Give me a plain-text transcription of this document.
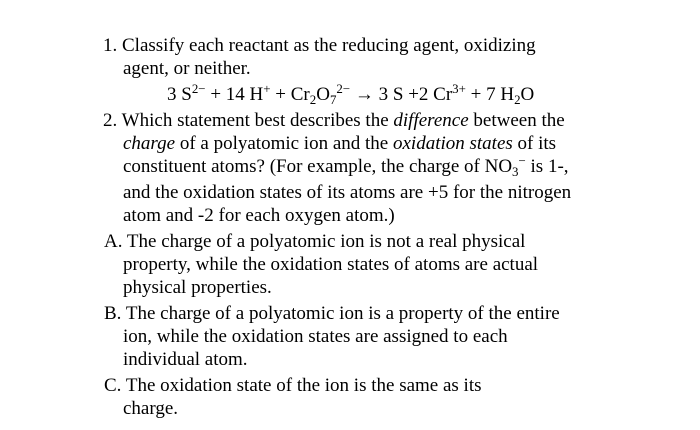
1. Classify each reactant as the reducing agent, oxidizing
agent, or neither.
3 $S^{2-} + 14$ $H^+ + Cr_2O_7^{2-} \to 3$ S +2 $Cr^{3+} + 7$ $H_2O$
2. Which statement best describes the difference between the
charge of a polyatomic ion and the oxidation states of its
constituent atoms? (For example, the charge of $NO_3^-$ is 1-,
and the oxidation states of its atoms are +5 for the nitrogen
atom and -2 for each oxygen atom.)
A. The charge of a polyatomic ion is not a real physical
property, while the oxidation states of atoms are actual
physical properties.
B. The charge of a polyatomic ion is a property of the entire
ion, while the oxidation states are assigned to each
individual atom.
C. The oxidation state of the ion is the same as its
charge.
